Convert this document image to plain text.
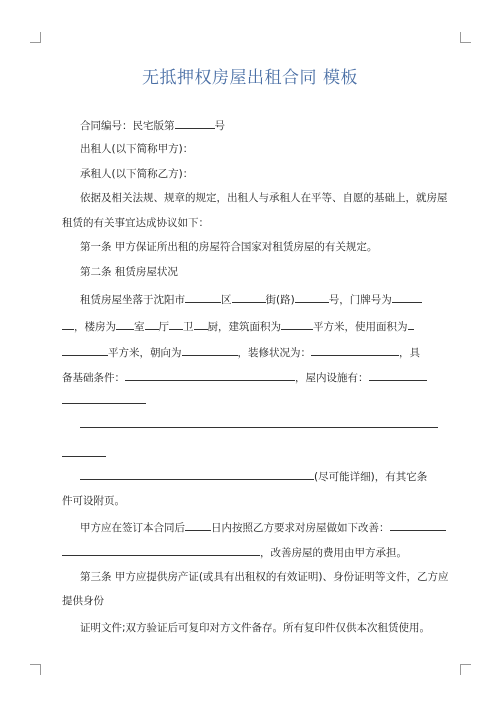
无抵押权房屋出租合同 模板
合同编号：民宅版第	号
出租人(以下简称甲方)：
承租人(以下简称乙方)：
依据及相关法规、规章的规定，出租人与承租人在平等、自愿的基础上，就房屋
租赁的有关事宜达成协议如下：
第一条 甲方保证所出租的房屋符合国家对租赁房屋的有关规定。
第二条 租赁房屋状况
租赁房屋坐落于沈阳市	区	街(路)	号，门牌号为
，楼房为 室 厅 卫 厨，建筑面积为	平方米，使用面积为
平方米，朝向为	，装修状况为：	，具
备基础条件：	，屋内设施有：
(尽可能详细)，有其它条
件可设附页。
甲方应在签订本合同后 日内按照乙方要求对房屋做如下改善：
，改善房屋的费用由甲方承担。
第三条 甲方应提供房产证(或具有出租权的有效证明)、身份证明等文件，乙方应
提供身份
证明文件;双方验证后可复印对方文件备存。所有复印件仅供本次租赁使用。
